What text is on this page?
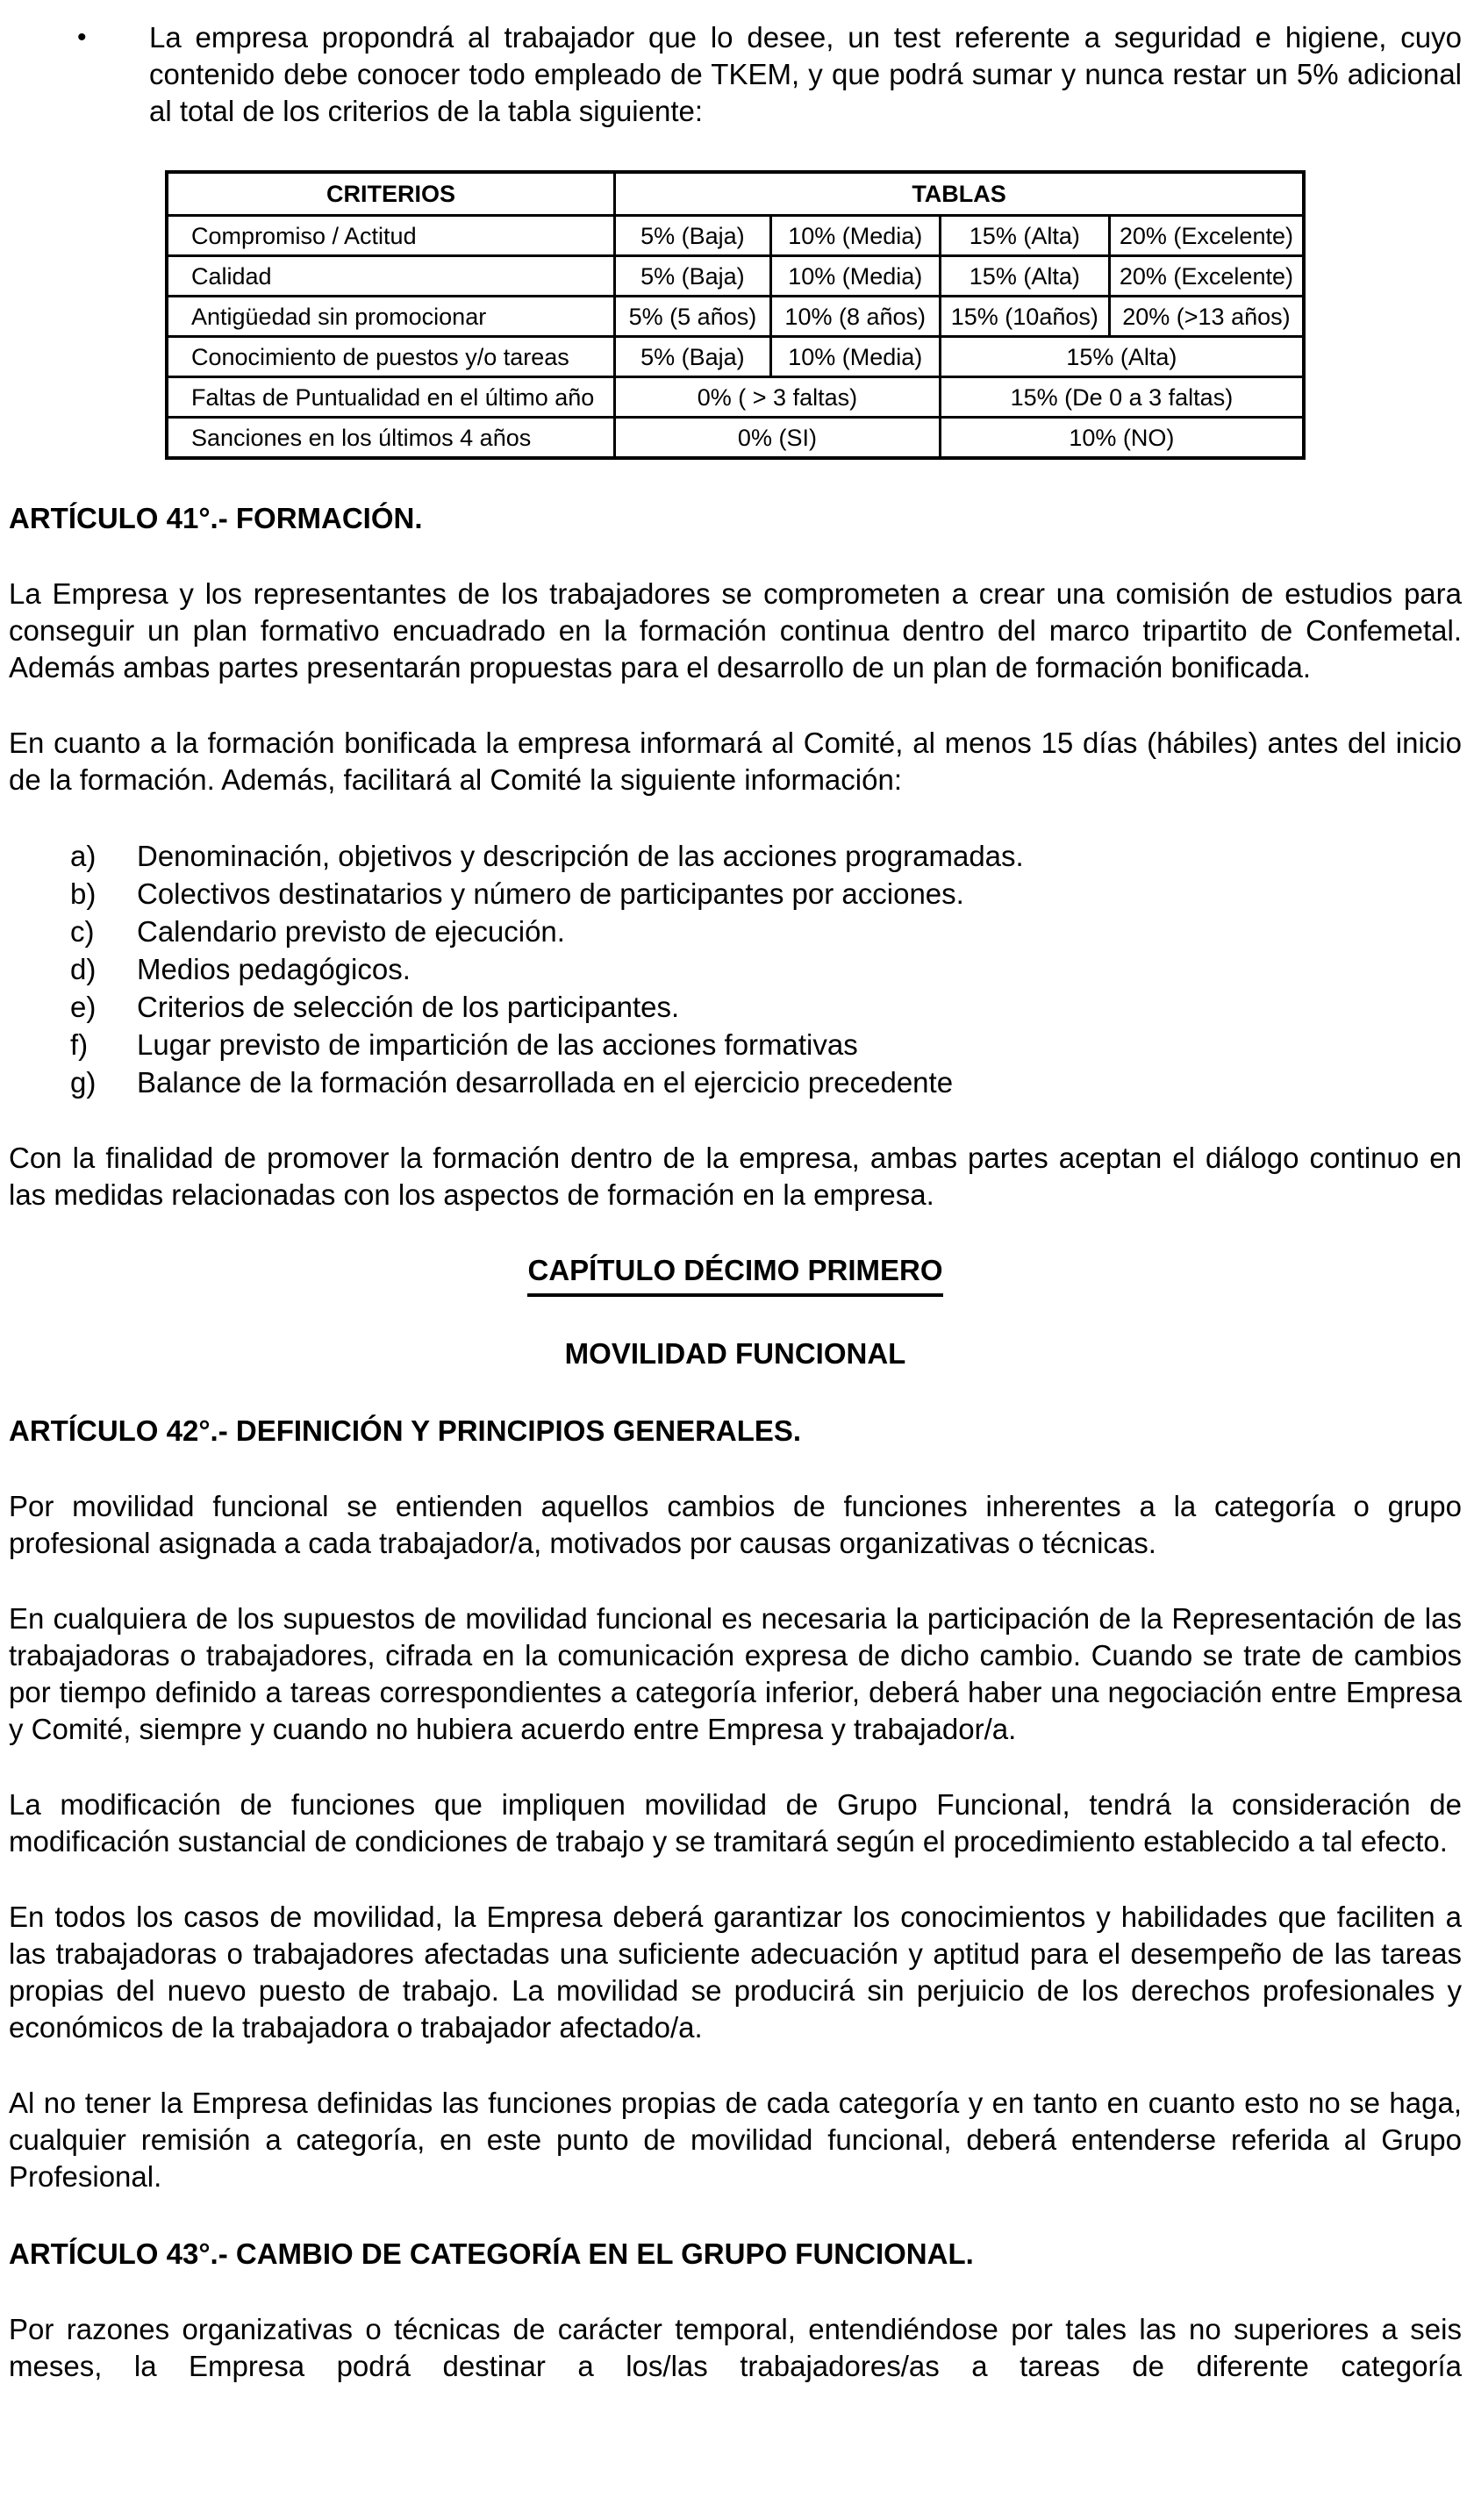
•	La empresa propondrá al trabajador que lo desee, un test referente a seguridad e higiene, cuyo contenido debe conocer todo empleado de TKEM, y que podrá sumar y nunca restar un 5% adicional al total de los criterios de la tabla siguiente:

CRITERIOS	TABLAS			
Compromiso / Actitud	5% (Baja)	10% (Media)	15% (Alta)	20% (Excelente)
Calidad	5% (Baja)	10% (Media)	15% (Alta)	20% (Excelente)
Antigüedad sin promocionar	5% (5 años)	10% (8 años)	15% (10años)	20% (>13 años)
Conocimiento de puestos y/o tareas	5% (Baja)	10% (Media)	15% (Alta)	
Faltas de Puntualidad en el último año	0% ( > 3 faltas)		15% (De 0 a 3 faltas)	
Sanciones en los últimos 4 años	0% (SI)		10% (NO)	

ARTÍCULO 41°.- FORMACIÓN.

La Empresa y los representantes de los trabajadores se comprometen a crear una comisión de estudios para conseguir un plan formativo encuadrado en la formación continua dentro del marco tripartito de Confemetal. Además ambas partes presentarán propuestas para el desarrollo de un plan de formación bonificada.

En cuanto a la formación bonificada la empresa informará al Comité, al menos 15 días (hábiles) antes del inicio de la formación. Además, facilitará al Comité la siguiente información:

a)	Denominación, objetivos y descripción de las acciones programadas.
b)	Colectivos destinatarios y número de participantes por acciones.
c)	Calendario previsto de ejecución.
d)	Medios pedagógicos.
e)	Criterios de selección de los participantes.
f)	Lugar previsto de impartición de las acciones formativas
g)	Balance de la formación desarrollada en el ejercicio precedente

Con la finalidad de promover la formación dentro de la empresa, ambas partes aceptan el diálogo continuo en las medidas relacionadas con los aspectos de formación en la empresa.

CAPÍTULO DÉCIMO PRIMERO

MOVILIDAD FUNCIONAL

ARTÍCULO 42°.- DEFINICIÓN Y PRINCIPIOS GENERALES.

Por movilidad funcional se entienden aquellos cambios de funciones inherentes a la categoría o grupo profesional asignada a cada trabajador/a, motivados por causas organizativas o técnicas.

En cualquiera de los supuestos de movilidad funcional es necesaria la participación de la Representación de las trabajadoras o trabajadores, cifrada en la comunicación expresa de dicho cambio. Cuando se trate de cambios por tiempo definido a tareas correspondientes a categoría inferior, deberá haber una negociación entre Empresa y Comité, siempre y cuando no hubiera acuerdo entre Empresa y trabajador/a.

La modificación de funciones que impliquen movilidad de Grupo Funcional, tendrá la consideración de modificación sustancial de condiciones de trabajo y se tramitará según el procedimiento establecido a tal efecto.

En todos los casos de movilidad, la Empresa deberá garantizar los conocimientos y habilidades que faciliten a las trabajadoras o trabajadores afectadas una suficiente adecuación y aptitud para el desempeño de las tareas propias del nuevo puesto de trabajo. La movilidad se producirá sin perjuicio de los derechos profesionales y económicos de la trabajadora o trabajador afectado/a.

Al no tener la Empresa definidas las funciones propias de cada categoría y en tanto en cuanto esto no se haga, cualquier remisión a categoría, en este punto de movilidad funcional, deberá entenderse referida al Grupo Profesional.

ARTÍCULO 43°.- CAMBIO DE CATEGORÍA EN EL GRUPO FUNCIONAL.

Por razones organizativas o técnicas de carácter temporal, entendiéndose por tales las no superiores a seis meses, la Empresa podrá destinar a los/las trabajadores/as a tareas de diferente categoría
